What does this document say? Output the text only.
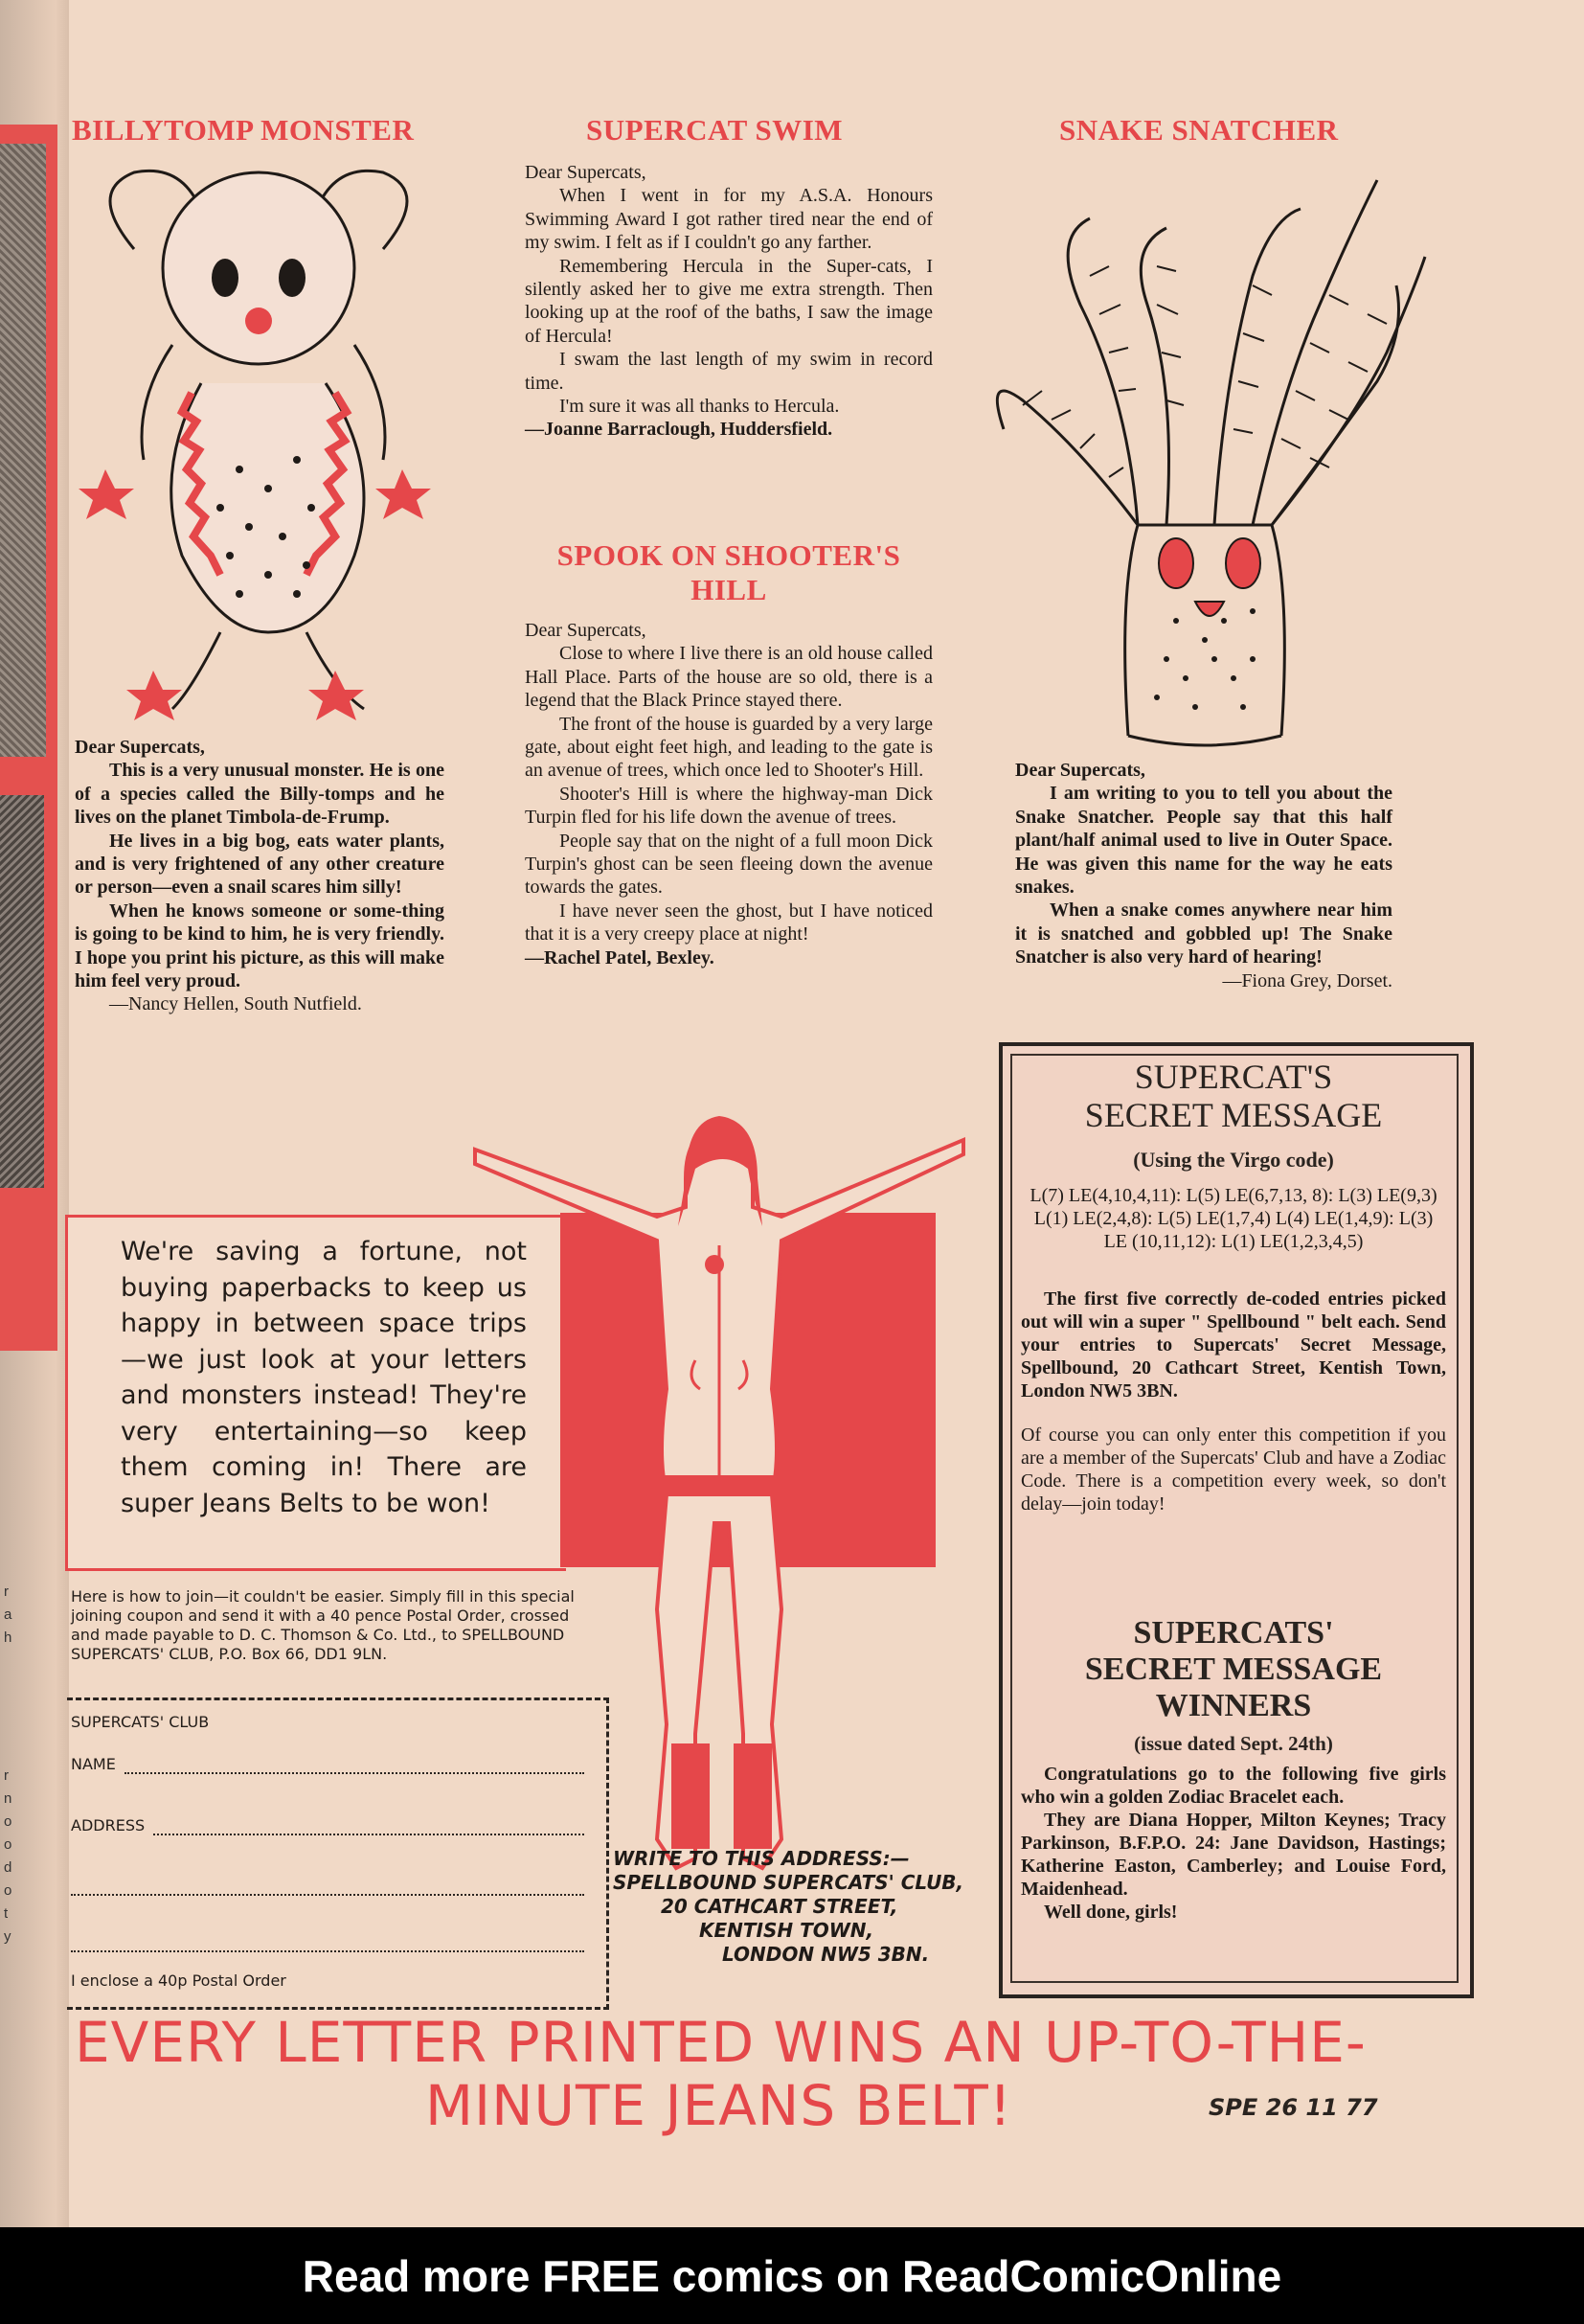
r
a
h

r
n
o
o
d
o
t
y
BILLYTOMP MONSTER

Dear Supercats,

This is a very unusual monster. He is one of a species called the Billy-tomps and he lives on the planet Timbola-de-Frump.

He lives in a big bog, eats water plants, and is very frightened of any other creature or person—even a snail scares him silly!

When he knows someone or some-thing is going to be kind to him, he is very friendly. I hope you print his picture, as this will make him feel very proud.

—Nancy Hellen, South Nutfield.

SUPERCAT SWIM

Dear Supercats,

When I went in for my A.S.A. Honours Swimming Award I got rather tired near the end of my swim. I felt as if I couldn't go any farther.

Remembering Hercula in the Super-cats, I silently asked her to give me extra strength. Then looking up at the roof of the baths, I saw the image of Hercula!

I swam the last length of my swim in record time.

I'm sure it was all thanks to Hercula.

—Joanne Barraclough, Huddersfield.

SPOOK ON SHOOTER'S
HILL

Dear Supercats,

Close to where I live there is an old house called Hall Place. Parts of the house are so old, there is a legend that the Black Prince stayed there.

The front of the house is guarded by a very large gate, about eight feet high, and leading to the gate is an avenue of trees, which once led to Shooter's Hill.

Shooter's Hill is where the highway-man Dick Turpin fled for his life down the avenue of trees.

People say that on the night of a full moon Dick Turpin's ghost can be seen fleeing down the avenue towards the gates.

I have never seen the ghost, but I have noticed that it is a very creepy place at night!

—Rachel Patel, Bexley.

SNAKE SNATCHER

Dear Supercats,

I am writing to you to tell you about the Snake Snatcher. People say that this half plant/half animal used to live in Outer Space. He was given this name for the way he eats snakes.

When a snake comes anywhere near him it is snatched and gobbled up! The Snake Snatcher is also very hard of hearing!

—Fiona Grey, Dorset.

We're saving a fortune, not buying paperbacks to keep us happy in between space trips—we just look at your letters and monsters instead! They're very entertaining—so keep them coming in! There are super Jeans Belts to be won!
Here is how to join—it couldn't be easier. Simply fill in this special joining coupon and send it with a 40 pence Postal Order, crossed and made payable to D. C. Thomson & Co. Ltd., to SPELLBOUND SUPERCATS' CLUB, P.O. Box 66, DD1 9LN.
SUPERCATS' CLUB
NAME
ADDRESS
I enclose a 40p Postal Order
WRITE TO THIS ADDRESS:—
SPELLBOUND SUPERCATS' CLUB,
20 CATHCART STREET,
KENTISH TOWN,
LONDON NW5 3BN.
SUPERCAT'S
SECRET MESSAGE
(Using the Virgo code)

L(7) LE(4,10,4,11): L(5) LE(6,7,13, 8): L(3) LE(9,3) L(1) LE(2,4,8): L(5) LE(1,7,4) L(4) LE(1,4,9): L(3) LE (10,11,12): L(1) LE(1,2,3,4,5)

The first five correctly de-coded entries picked out will win a super " Spellbound " belt each. Send your entries to Supercats' Secret Message, Spellbound, 20 Cathcart Street, Kentish Town, London NW5 3BN.

Of course you can only enter this competition if you are a member of the Supercats' Club and have a Zodiac Code. There is a competition every week, so don't delay—join today!

SUPERCATS'
SECRET MESSAGE
WINNERS
(issue dated Sept. 24th)

Congratulations go to the following five girls who win a golden Zodiac Bracelet each.

They are Diana Hopper, Milton Keynes; Tracy Parkinson, B.F.P.O. 24: Jane Davidson, Hastings; Katherine Easton, Camberley; and Louise Ford, Maidenhead.

Well done, girls!

EVERY LETTER PRINTED WINS AN UP-TO-THE-
MINUTE JEANS BELT!	SPE 26 11 77
Read more FREE comics on ReadComicOnline
